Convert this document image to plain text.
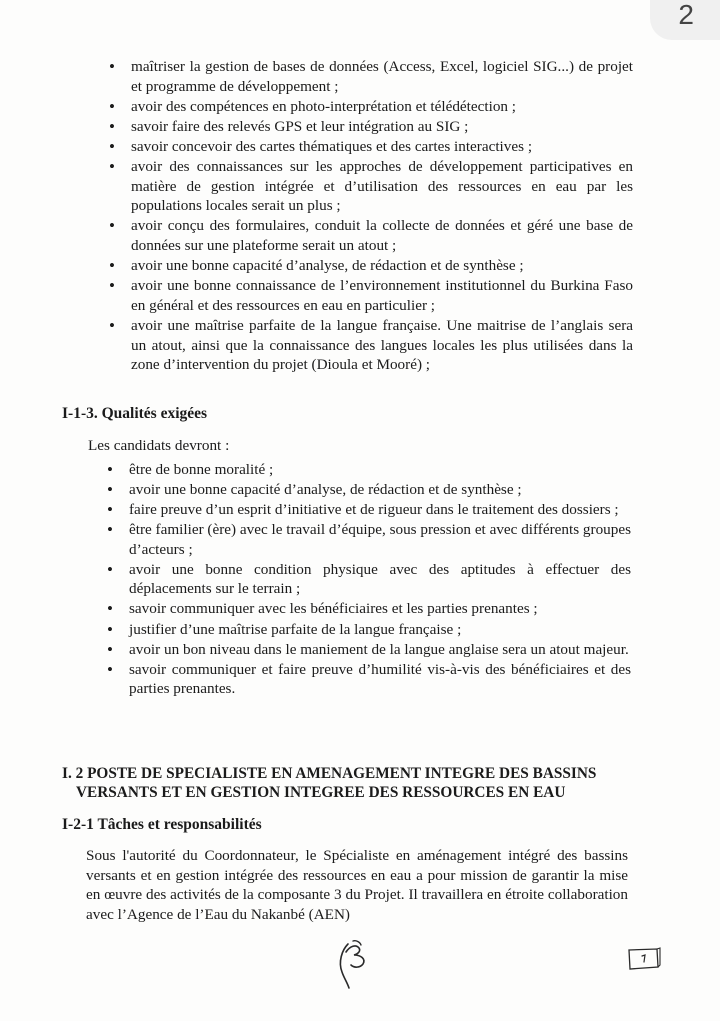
2
• maîtriser la gestion de bases de données (Access, Excel, logiciel SIG...) de projet et programme de développement ;
• avoir des compétences en photo-interprétation et télédétection ;
• savoir faire des relevés GPS et leur intégration au SIG ;
• savoir concevoir des cartes thématiques et des cartes interactives ;
• avoir des connaissances sur les approches de développement participatives en matière de gestion intégrée et d’utilisation des ressources en eau par les populations locales serait un plus ;
• avoir conçu des formulaires, conduit la collecte de données et géré une base de données sur une plateforme serait un atout ;
• avoir une bonne capacité d’analyse, de rédaction et de synthèse ;
• avoir une bonne connaissance de l’environnement institutionnel du Burkina Faso en général et des ressources en eau en particulier ;
• avoir une maîtrise parfaite de la langue française. Une maitrise de l’anglais sera un atout, ainsi que la connaissance des langues locales les plus utilisées dans la zone d’intervention du projet (Dioula et Mooré) ;
I-1-3. Qualités exigées
Les candidats devront :
• être de bonne moralité ;
• avoir une bonne capacité d’analyse, de rédaction et de synthèse ;
• faire preuve d’un esprit d’initiative et de rigueur dans le traitement des dossiers ;
• être familier (ère) avec le travail d’équipe, sous pression et avec différents groupes d’acteurs ;
• avoir une bonne condition physique avec des aptitudes à effectuer des déplacements sur le terrain ;
• savoir communiquer avec les bénéficiaires et les parties prenantes ;
• justifier d’une maîtrise parfaite de la langue française ;
• avoir un bon niveau dans le maniement de la langue anglaise sera un atout majeur.
• savoir communiquer et faire preuve d’humilité vis-à-vis des bénéficiaires et des parties prenantes.
I. 2 POSTE DE SPECIALISTE EN AMENAGEMENT INTEGRE DES BASSINS
VERSANTS ET EN GESTION INTEGREE DES RESSOURCES EN EAU
I-2-1 Tâches et responsabilités
Sous l'autorité du Coordonnateur, le Spécialiste en aménagement intégré des bassins versants et en gestion intégrée des ressources en eau a pour mission de garantir la mise en œuvre des activités de la composante 3 du Projet. Il travaillera en étroite collaboration avec l’Agence de l’Eau du Nakanbé (AEN)
